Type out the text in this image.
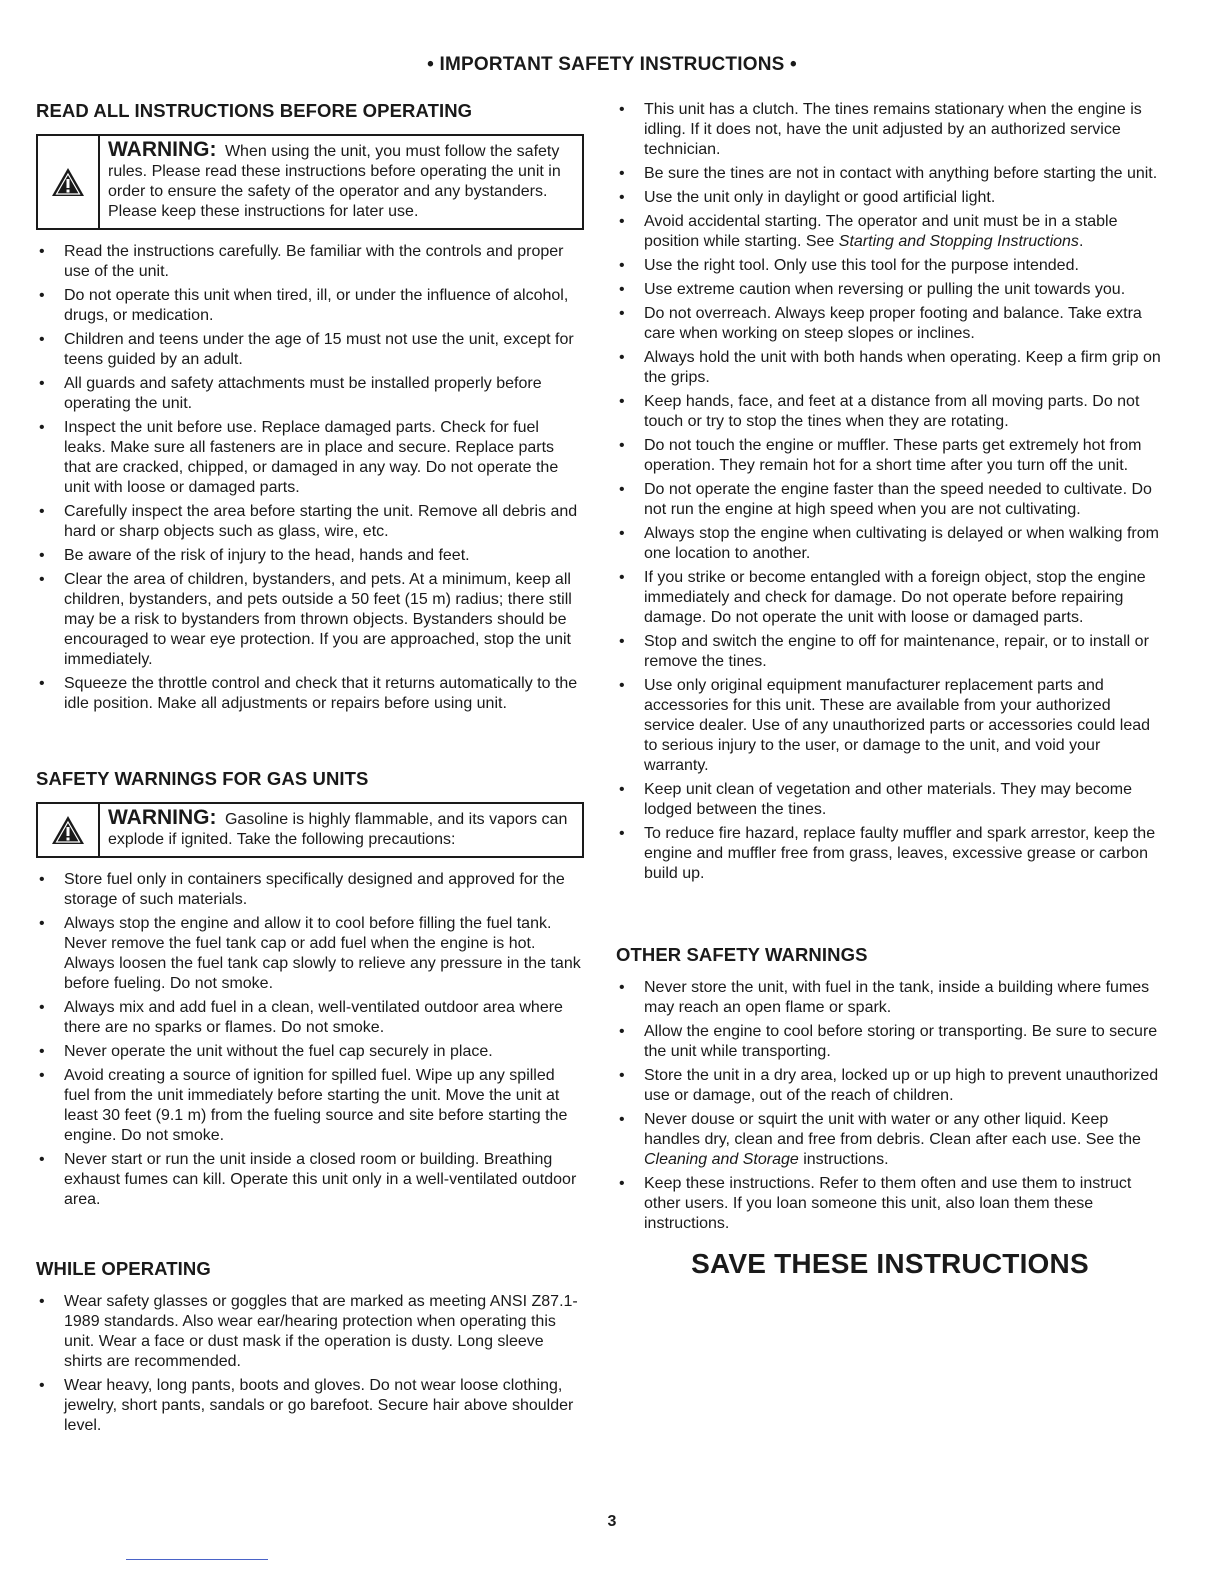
• IMPORTANT SAFETY INSTRUCTIONS •
READ ALL INSTRUCTIONS BEFORE OPERATING
WARNING: When using the unit, you must follow the safety rules. Please read these instructions before operating the unit in order to ensure the safety of the operator and any bystanders. Please keep these instructions for later use.
• Read the instructions carefully. Be familiar with the controls and proper use of the unit.
• Do not operate this unit when tired, ill, or under the influence of alcohol, drugs, or medication.
• Children and teens under the age of 15 must not use the unit, except for teens guided by an adult.
• All guards and safety attachments must be installed properly before operating the unit.
• Inspect the unit before use. Replace damaged parts. Check for fuel leaks. Make sure all fasteners are in place and secure. Replace parts that are cracked, chipped, or damaged in any way. Do not operate the unit with loose or damaged parts.
• Carefully inspect the area before starting the unit. Remove all debris and hard or sharp objects such as glass, wire, etc.
• Be aware of the risk of injury to the head, hands and feet.
• Clear the area of children, bystanders, and pets. At a minimum, keep all children, bystanders, and pets outside a 50 feet (15 m) radius; there still may be a risk to bystanders from thrown objects. Bystanders should be encouraged to wear eye protection. If you are approached, stop the unit immediately.
• Squeeze the throttle control and check that it returns automatically to the idle position. Make all adjustments or repairs before using unit.
SAFETY WARNINGS FOR GAS UNITS
WARNING: Gasoline is highly flammable, and its vapors can explode if ignited. Take the following precautions:
• Store fuel only in containers specifically designed and approved for the storage of such materials.
• Always stop the engine and allow it to cool before filling the fuel tank. Never remove the fuel tank cap or add fuel when the engine is hot. Always loosen the fuel tank cap slowly to relieve any pressure in the tank before fueling. Do not smoke.
• Always mix and add fuel in a clean, well-ventilated outdoor area where there are no sparks or flames. Do not smoke.
• Never operate the unit without the fuel cap securely in place.
• Avoid creating a source of ignition for spilled fuel. Wipe up any spilled fuel from the unit immediately before starting the unit. Move the unit at least 30 feet (9.1 m) from the fueling source and site before starting the engine. Do not smoke.
• Never start or run the unit inside a closed room or building. Breathing exhaust fumes can kill. Operate this unit only in a well-ventilated outdoor area.
WHILE OPERATING
• Wear safety glasses or goggles that are marked as meeting ANSI Z87.1-1989 standards. Also wear ear/hearing protection when operating this unit. Wear a face or dust mask if the operation is dusty. Long sleeve shirts are recommended.
• Wear heavy, long pants, boots and gloves. Do not wear loose clothing, jewelry, short pants, sandals or go barefoot. Secure hair above shoulder level.
• This unit has a clutch. The tines remains stationary when the engine is idling. If it does not, have the unit adjusted by an authorized service technician.
• Be sure the tines are not in contact with anything before starting the unit.
• Use the unit only in daylight or good artificial light.
• Avoid accidental starting. The operator and unit must be in a stable position while starting. See Starting and Stopping Instructions.
• Use the right tool. Only use this tool for the purpose intended.
• Use extreme caution when reversing or pulling the unit towards you.
• Do not overreach. Always keep proper footing and balance. Take extra care when working on steep slopes or inclines.
• Always hold the unit with both hands when operating. Keep a firm grip on the grips.
• Keep hands, face, and feet at a distance from all moving parts. Do not touch or try to stop the tines when they are rotating.
• Do not touch the engine or muffler. These parts get extremely hot from operation. They remain hot for a short time after you turn off the unit.
• Do not operate the engine faster than the speed needed to cultivate. Do not run the engine at high speed when you are not cultivating.
• Always stop the engine when cultivating is delayed or when walking from one location to another.
• If you strike or become entangled with a foreign object, stop the engine immediately and check for damage. Do not operate before repairing damage. Do not operate the unit with loose or damaged parts.
• Stop and switch the engine to off for maintenance, repair, or to install or remove the tines.
• Use only original equipment manufacturer replacement parts and accessories for this unit. These are available from your authorized service dealer. Use of any unauthorized parts or accessories could lead to serious injury to the user, or damage to the unit, and void your warranty.
• Keep unit clean of vegetation and other materials. They may become lodged between the tines.
• To reduce fire hazard, replace faulty muffler and spark arrestor, keep the engine and muffler free from grass, leaves, excessive grease or carbon build up.
OTHER SAFETY WARNINGS
• Never store the unit, with fuel in the tank, inside a building where fumes may reach an open flame or spark.
• Allow the engine to cool before storing or transporting. Be sure to secure the unit while transporting.
• Store the unit in a dry area, locked up or up high to prevent unauthorized use or damage, out of the reach of children.
• Never douse or squirt the unit with water or any other liquid. Keep handles dry, clean and free from debris. Clean after each use. See the Cleaning and Storage instructions.
• Keep these instructions. Refer to them often and use them to instruct other users. If you loan someone this unit, also loan them these instructions.
SAVE THESE INSTRUCTIONS
3
